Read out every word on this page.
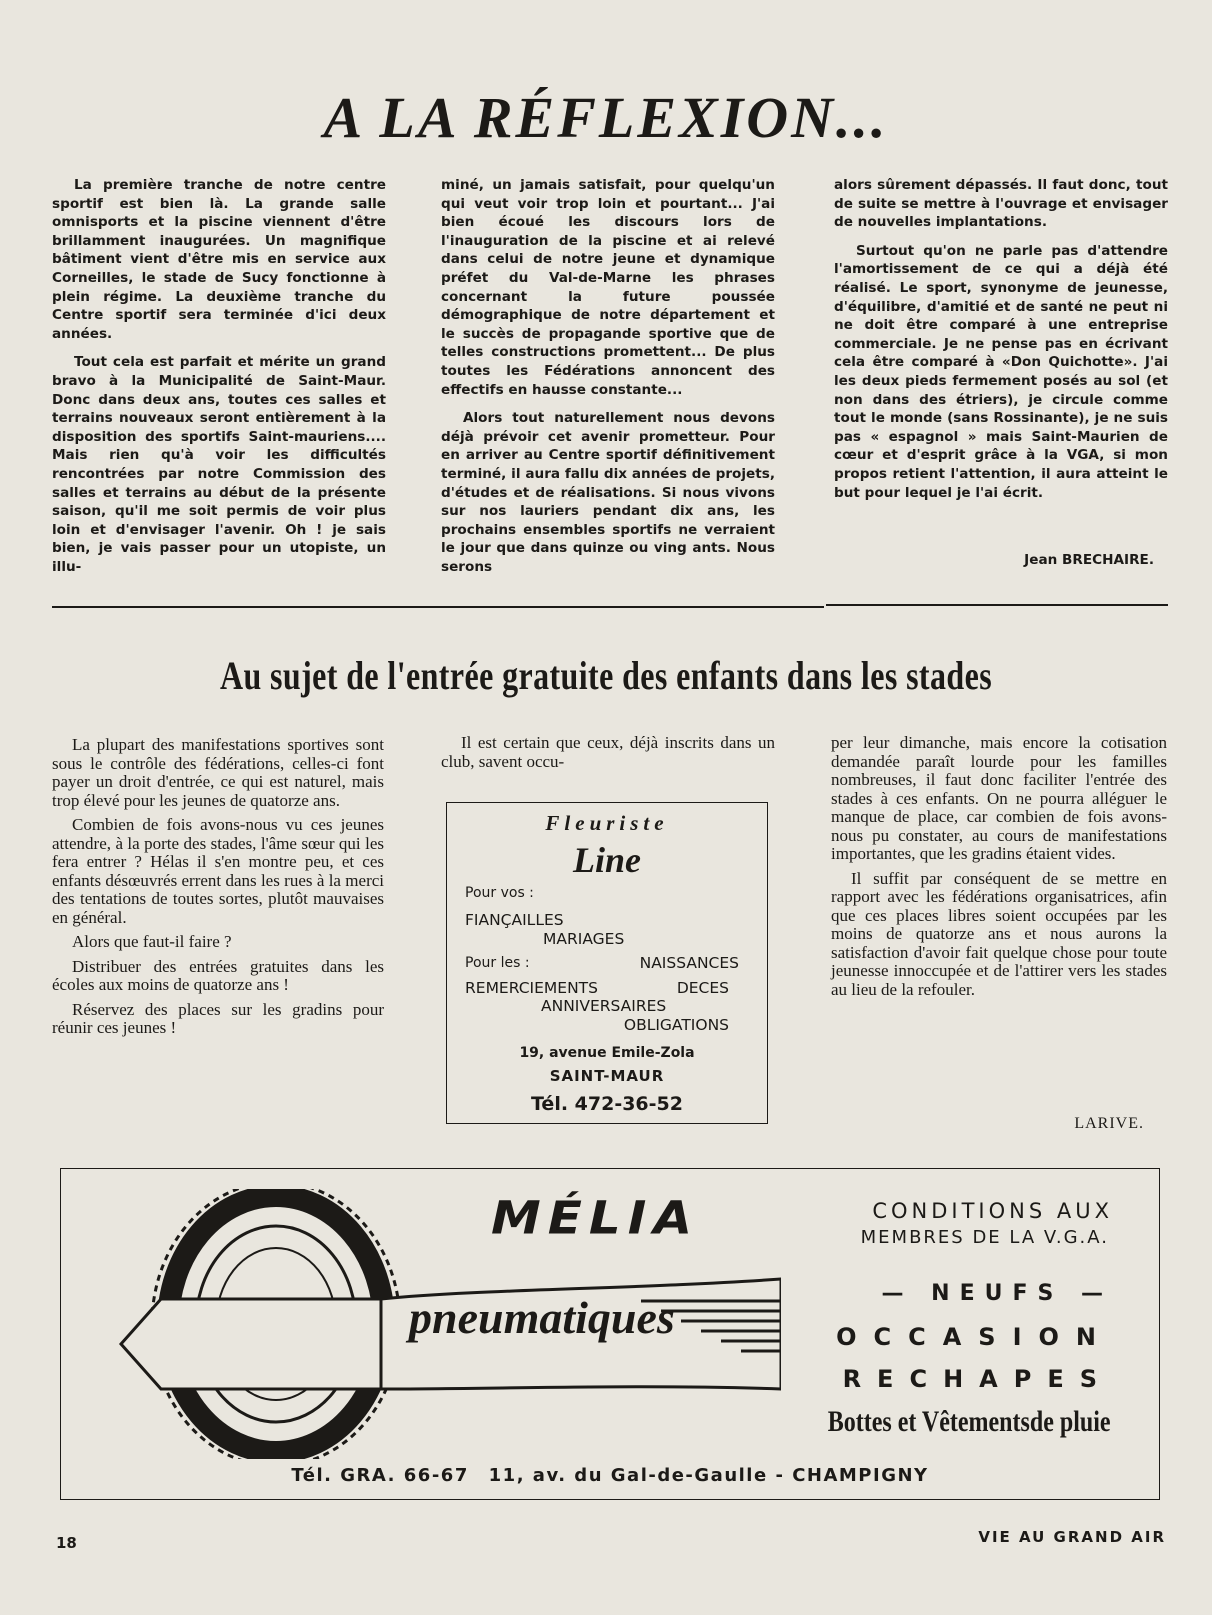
A LA RÉFLEXION...

La première tranche de notre centre sportif est bien là. La grande salle omnisports et la piscine viennent d'être brillamment inaugurées. Un magnifique bâtiment vient d'être mis en service aux Corneilles, le stade de Sucy fonctionne à plein régime. La deuxième tranche du Centre sportif sera terminée d'ici deux années.

Tout cela est parfait et mérite un grand bravo à la Municipalité de Saint-Maur. Donc dans deux ans, toutes ces salles et terrains nouveaux seront entièrement à la disposition des sportifs Saint-mauriens.... Mais rien qu'à voir les difficultés rencontrées par notre Commission des salles et terrains au début de la présente saison, qu'il me soit permis de voir plus loin et d'envisager l'avenir. Oh ! je sais bien, je vais passer pour un utopiste, un illu-

miné, un jamais satisfait, pour quelqu'un qui veut voir trop loin et pourtant... J'ai bien écoué les discours lors de l'inauguration de la piscine et ai relevé dans celui de notre jeune et dynamique préfet du Val-de-Marne les phrases concernant la future poussée démographique de notre département et le succès de propagande sportive que de telles constructions promettent... De plus toutes les Fédérations annoncent des effectifs en hausse constante...

Alors tout naturellement nous devons déjà prévoir cet avenir prometteur. Pour en arriver au Centre sportif définitivement terminé, il aura fallu dix années de projets, d'études et de réalisations. Si nous vivons sur nos lauriers pendant dix ans, les prochains ensembles sportifs ne verraient le jour que dans quinze ou ving ants. Nous serons

alors sûrement dépassés. Il faut donc, tout de suite se mettre à l'ouvrage et envisager de nouvelles implantations.

Surtout qu'on ne parle pas d'attendre l'amortissement de ce qui a déjà été réalisé. Le sport, synonyme de jeunesse, d'équilibre, d'amitié et de santé ne peut ni ne doit être comparé à une entreprise commerciale. Je ne pense pas en écrivant cela être comparé à «Don Quichotte». J'ai les deux pieds fermement posés au sol (et non dans des étriers), je circule comme tout le monde (sans Rossinante), je ne suis pas « espagnol » mais Saint-Maurien de cœur et d'esprit grâce à la VGA, si mon propos retient l'attention, il aura atteint le but pour lequel je l'ai écrit.

Jean BRECHAIRE.
Au sujet de l'entrée gratuite des enfants dans les stades

La plupart des manifestations sportives sont sous le contrôle des fédérations, celles-ci font payer un droit d'entrée, ce qui est naturel, mais trop élevé pour les jeunes de quatorze ans.

Combien de fois avons-nous vu ces jeunes attendre, à la porte des stades, l'âme sœur qui les fera entrer ? Hélas il s'en montre peu, et ces enfants désœuvrés errent dans les rues à la merci des tentations de toutes sortes, plutôt mauvaises en général.

Alors que faut-il faire ?

Distribuer des entrées gratuites dans les écoles aux moins de quatorze ans !

Réservez des places sur les gradins pour réunir ces jeunes !

Il est certain que ceux, déjà inscrits dans un club, savent occu-

per leur dimanche, mais encore la cotisation demandée paraît lourde pour les familles nombreuses, il faut donc faciliter l'entrée des stades à ces enfants. On ne pourra alléguer le manque de place, car combien de fois avons-nous pu constater, au cours de manifestations importantes, que les gradins étaient vides.

Il suffit par conséquent de se mettre en rapport avec les fédérations organisatrices, afin que ces places libres soient occupées par les moins de quatorze ans et nous aurons la satisfaction d'avoir fait quelque chose pour toute jeunesse innoccupée et de l'attirer vers les stades au lieu de la refouler.

LARIVE.
Fleuriste
Line
Pour vos :
FIANÇAILLES
MARIAGES
Pour les :	NAISSANCES
REMERCIEMENTS	DECES
ANNIVERSAIRES
OBLIGATIONS
19, avenue Emile-Zola
SAINT-MAUR
Tél. 472-36-52
MÉLIA
pneumatiques
CONDITIONS AUX
MEMBRES DE LA V.G.A.
— NEUFS —
OCCASION
RECHAPES
Bottes et Vêtementsde pluie
Tél. GRA. 66-67 11, av. du Gal-de-Gaulle - CHAMPIGNY
18	VIE AU GRAND AIR
